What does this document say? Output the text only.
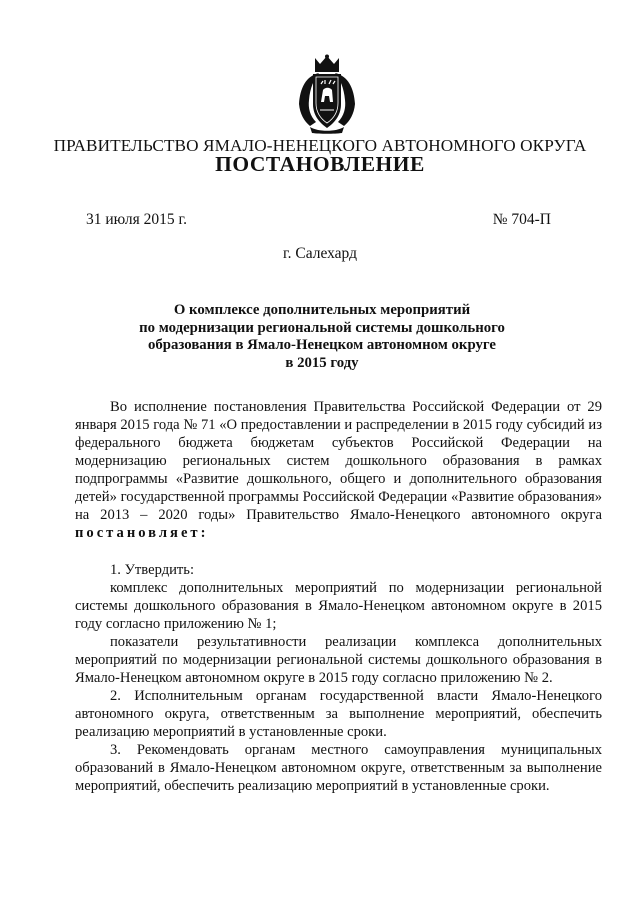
ПРАВИТЕЛЬСТВО ЯМАЛО-НЕНЕЦКОГО АВТОНОМНОГО ОКРУГА
ПОСТАНОВЛЕНИЕ
31 июля 2015 г.	№ 704-П
г. Салехард
О комплексе дополнительных мероприятий
по модернизации региональной системы дошкольного
образования в Ямало-Ненецком автономном округе
в 2015 году

Во исполнение постановления Правительства Российской Федерации от 29 января 2015 года № 71 «О предоставлении и распределении в 2015 году субсидий из федерального бюджета бюджетам субъектов Российской Федерации на модернизацию региональных систем дошкольного образования в рамках подпрограммы «Развитие дошкольного, общего и дополнительного образования детей» государственной программы Российской Федерации «Развитие образования» на 2013 – 2020 годы» Правительство Ямало-Ненецкого автономного округа постановляет:

1. Утвердить:

комплекс дополнительных мероприятий по модернизации региональной системы дошкольного образования в Ямало-Ненецком автономном округе в 2015 году согласно приложению № 1;

показатели результативности реализации комплекса дополнительных мероприятий по модернизации региональной системы дошкольного образования в Ямало-Ненецком автономном округе в 2015 году согласно приложению № 2.

2. Исполнительным органам государственной власти Ямало-Ненецкого автономного округа, ответственным за выполнение мероприятий, обеспечить реализацию мероприятий в установленные сроки.

3. Рекомендовать органам местного самоуправления муниципальных образований в Ямало-Ненецком автономном округе, ответственным за выполнение мероприятий, обеспечить реализацию мероприятий в установленные сроки.
